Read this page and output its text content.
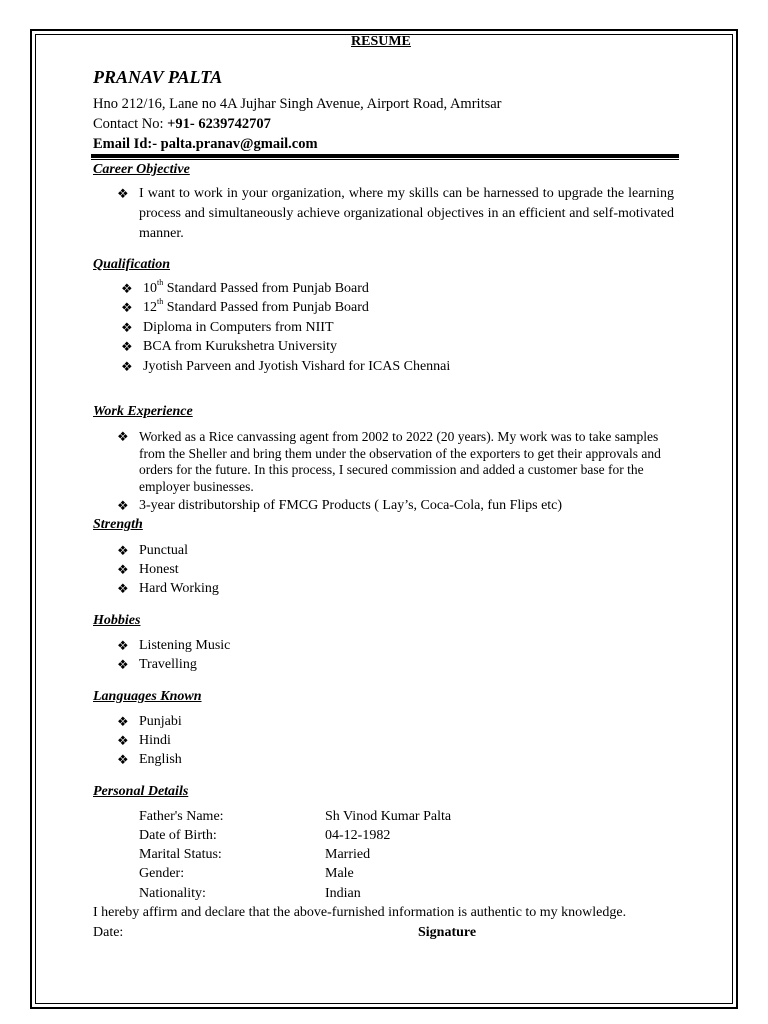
RESUME
PRANAV PALTA
Hno 212/16, Lane no 4A Jujhar Singh Avenue, Airport Road, Amritsar
Contact No: +91- 6239742707
Email Id:- palta.pranav@gmail.com
Career Objective
❖ I want to work in your organization, where my skills can be harnessed to upgrade the learning process and simultaneously achieve organizational objectives in an efficient and self-motivated manner.
Qualification
❖ 10th Standard Passed from Punjab Board
❖ 12th Standard Passed from Punjab Board
❖ Diploma in Computers from NIIT
❖ BCA from Kurukshetra University
❖ Jyotish Parveen and Jyotish Vishard for ICAS Chennai
Work Experience
❖ Worked as a Rice canvassing agent from 2002 to 2022 (20 years). My work was to take samples from the Sheller and bring them under the observation of the exporters to get their approvals and orders for the future. In this process, I secured commission and added a customer base for the employer businesses.
❖ 3-year distributorship of FMCG Products ( Lay’s, Coca-Cola, fun Flips etc)
Strength
❖ Punctual
❖ Honest
❖ Hard Working
Hobbies
❖ Listening Music
❖ Travelling
Languages Known
❖ Punjabi
❖ Hindi
❖ English
Personal Details
Father's Name:	Sh Vinod Kumar Palta
Date of Birth:	04-12-1982
Marital Status:	Married
Gender:	Male
Nationality:	Indian
I hereby affirm and declare that the above-furnished information is authentic to my knowledge.
Date:	Signature
